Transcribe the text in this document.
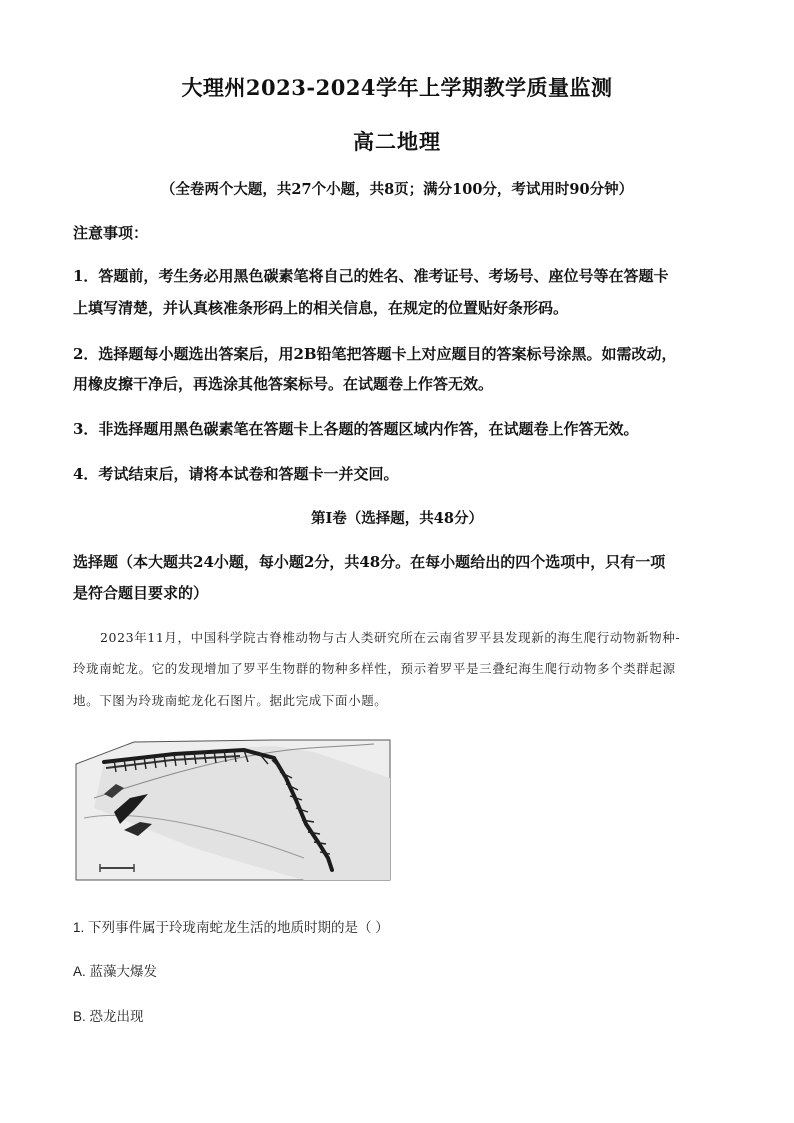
大理州2023-2024学年上学期教学质量监测
高二地理
（全卷两个大题，共27个小题，共8页；满分100分，考试用时90分钟）
注意事项：
1．答题前，考生务必用黑色碳素笔将自己的姓名、准考证号、考场号、座位号等在答题卡
上填写清楚，并认真核准条形码上的相关信息，在规定的位置贴好条形码。
2．选择题每小题选出答案后，用2B铅笔把答题卡上对应题目的答案标号涂黑。如需改动，
用橡皮擦干净后，再选涂其他答案标号。在试题卷上作答无效。
3．非选择题用黑色碳素笔在答题卡上各题的答题区域内作答，在试题卷上作答无效。
4．考试结束后，请将本试卷和答题卡一并交回。
第Ⅰ卷（选择题，共48分）
选择题（本大题共24小题，每小题2分，共48分。在每小题给出的四个选项中，只有一项
是符合题目要求的）
2023年11月，中国科学院古脊椎动物与古人类研究所在云南省罗平县发现新的海生爬行动物新物种-
玲珑南蛇龙。它的发现增加了罗平生物群的物种多样性，预示着罗平是三叠纪海生爬行动物多个类群起源
地。下图为玲珑南蛇龙化石图片。据此完成下面小题。
1. 下列事件属于玲珑南蛇龙生活的地质时期的是（ ）
A. 蓝藻大爆发
B. 恐龙出现
